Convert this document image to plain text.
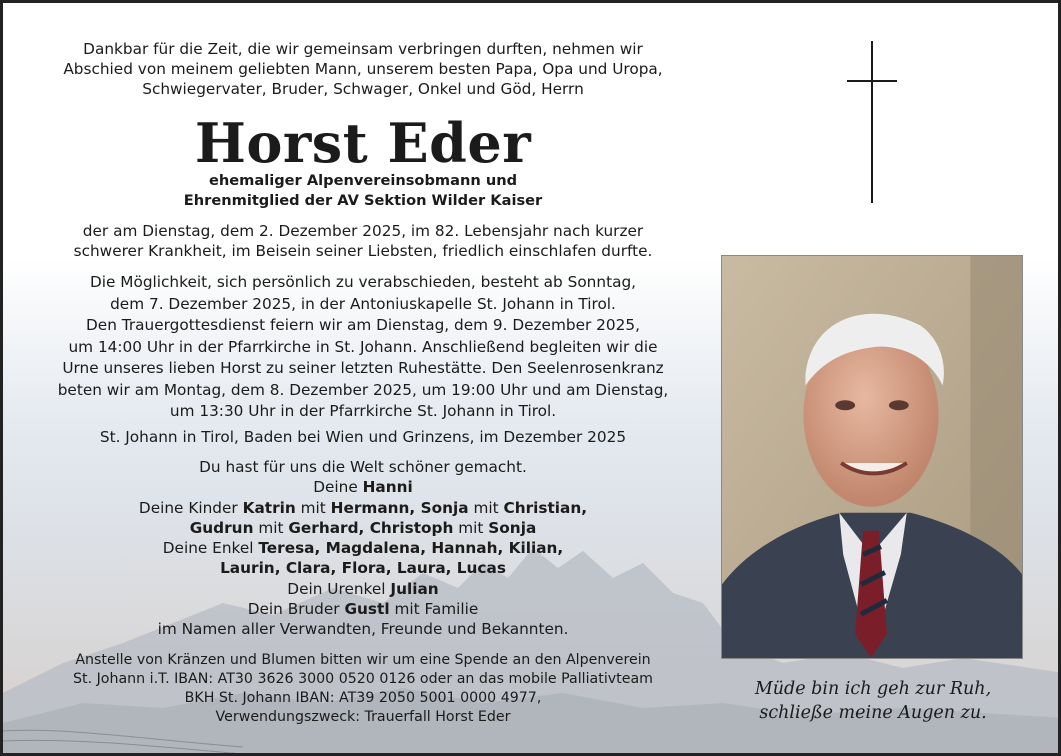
Dankbar für die Zeit, die wir gemeinsam verbringen durften, nehmen wir
Abschied von meinem geliebten Mann, unserem besten Papa, Opa und Uropa,
Schwiegervater, Bruder, Schwager, Onkel und Göd, Herrn
Horst Eder
ehemaliger Alpenvereinsobmann und
Ehrenmitglied der AV Sektion Wilder Kaiser
der am Dienstag, dem 2. Dezember 2025, im 82. Lebensjahr nach kurzer
schwerer Krankheit, im Beisein seiner Liebsten, friedlich einschlafen durfte.
Die Möglichkeit, sich persönlich zu verabschieden, besteht ab Sonntag,
dem 7. Dezember 2025, in der Antoniuskapelle St. Johann in Tirol.
Den Trauergottesdienst feiern wir am Dienstag, dem 9. Dezember 2025,
um 14:00 Uhr in der Pfarrkirche in St. Johann. Anschließend begleiten wir die
Urne unseres lieben Horst zu seiner letzten Ruhestätte. Den Seelenrosenkranz
beten wir am Montag, dem 8. Dezember 2025, um 19:00 Uhr und am Dienstag,
um 13:30 Uhr in der Pfarrkirche St. Johann in Tirol.
St. Johann in Tirol, Baden bei Wien und Grinzens, im Dezember 2025
Du hast für uns die Welt schöner gemacht.
Deine Hanni
Deine Kinder Katrin mit Hermann, Sonja mit Christian,
Gudrun mit Gerhard, Christoph mit Sonja
Deine Enkel Teresa, Magdalena, Hannah, Kilian,
Laurin, Clara, Flora, Laura, Lucas
Dein Urenkel Julian
Dein Bruder Gustl mit Familie
im Namen aller Verwandten, Freunde und Bekannten.
Anstelle von Kränzen und Blumen bitten wir um eine Spende an den Alpenverein
St. Johann i.T. IBAN: AT30 3626 3000 0520 0126 oder an das mobile Palliativteam
BKH St. Johann IBAN: AT39 2050 5001 0000 4977,
Verwendungszweck: Trauerfall Horst Eder
Müde bin ich geh zur Ruh,
schließe meine Augen zu.
